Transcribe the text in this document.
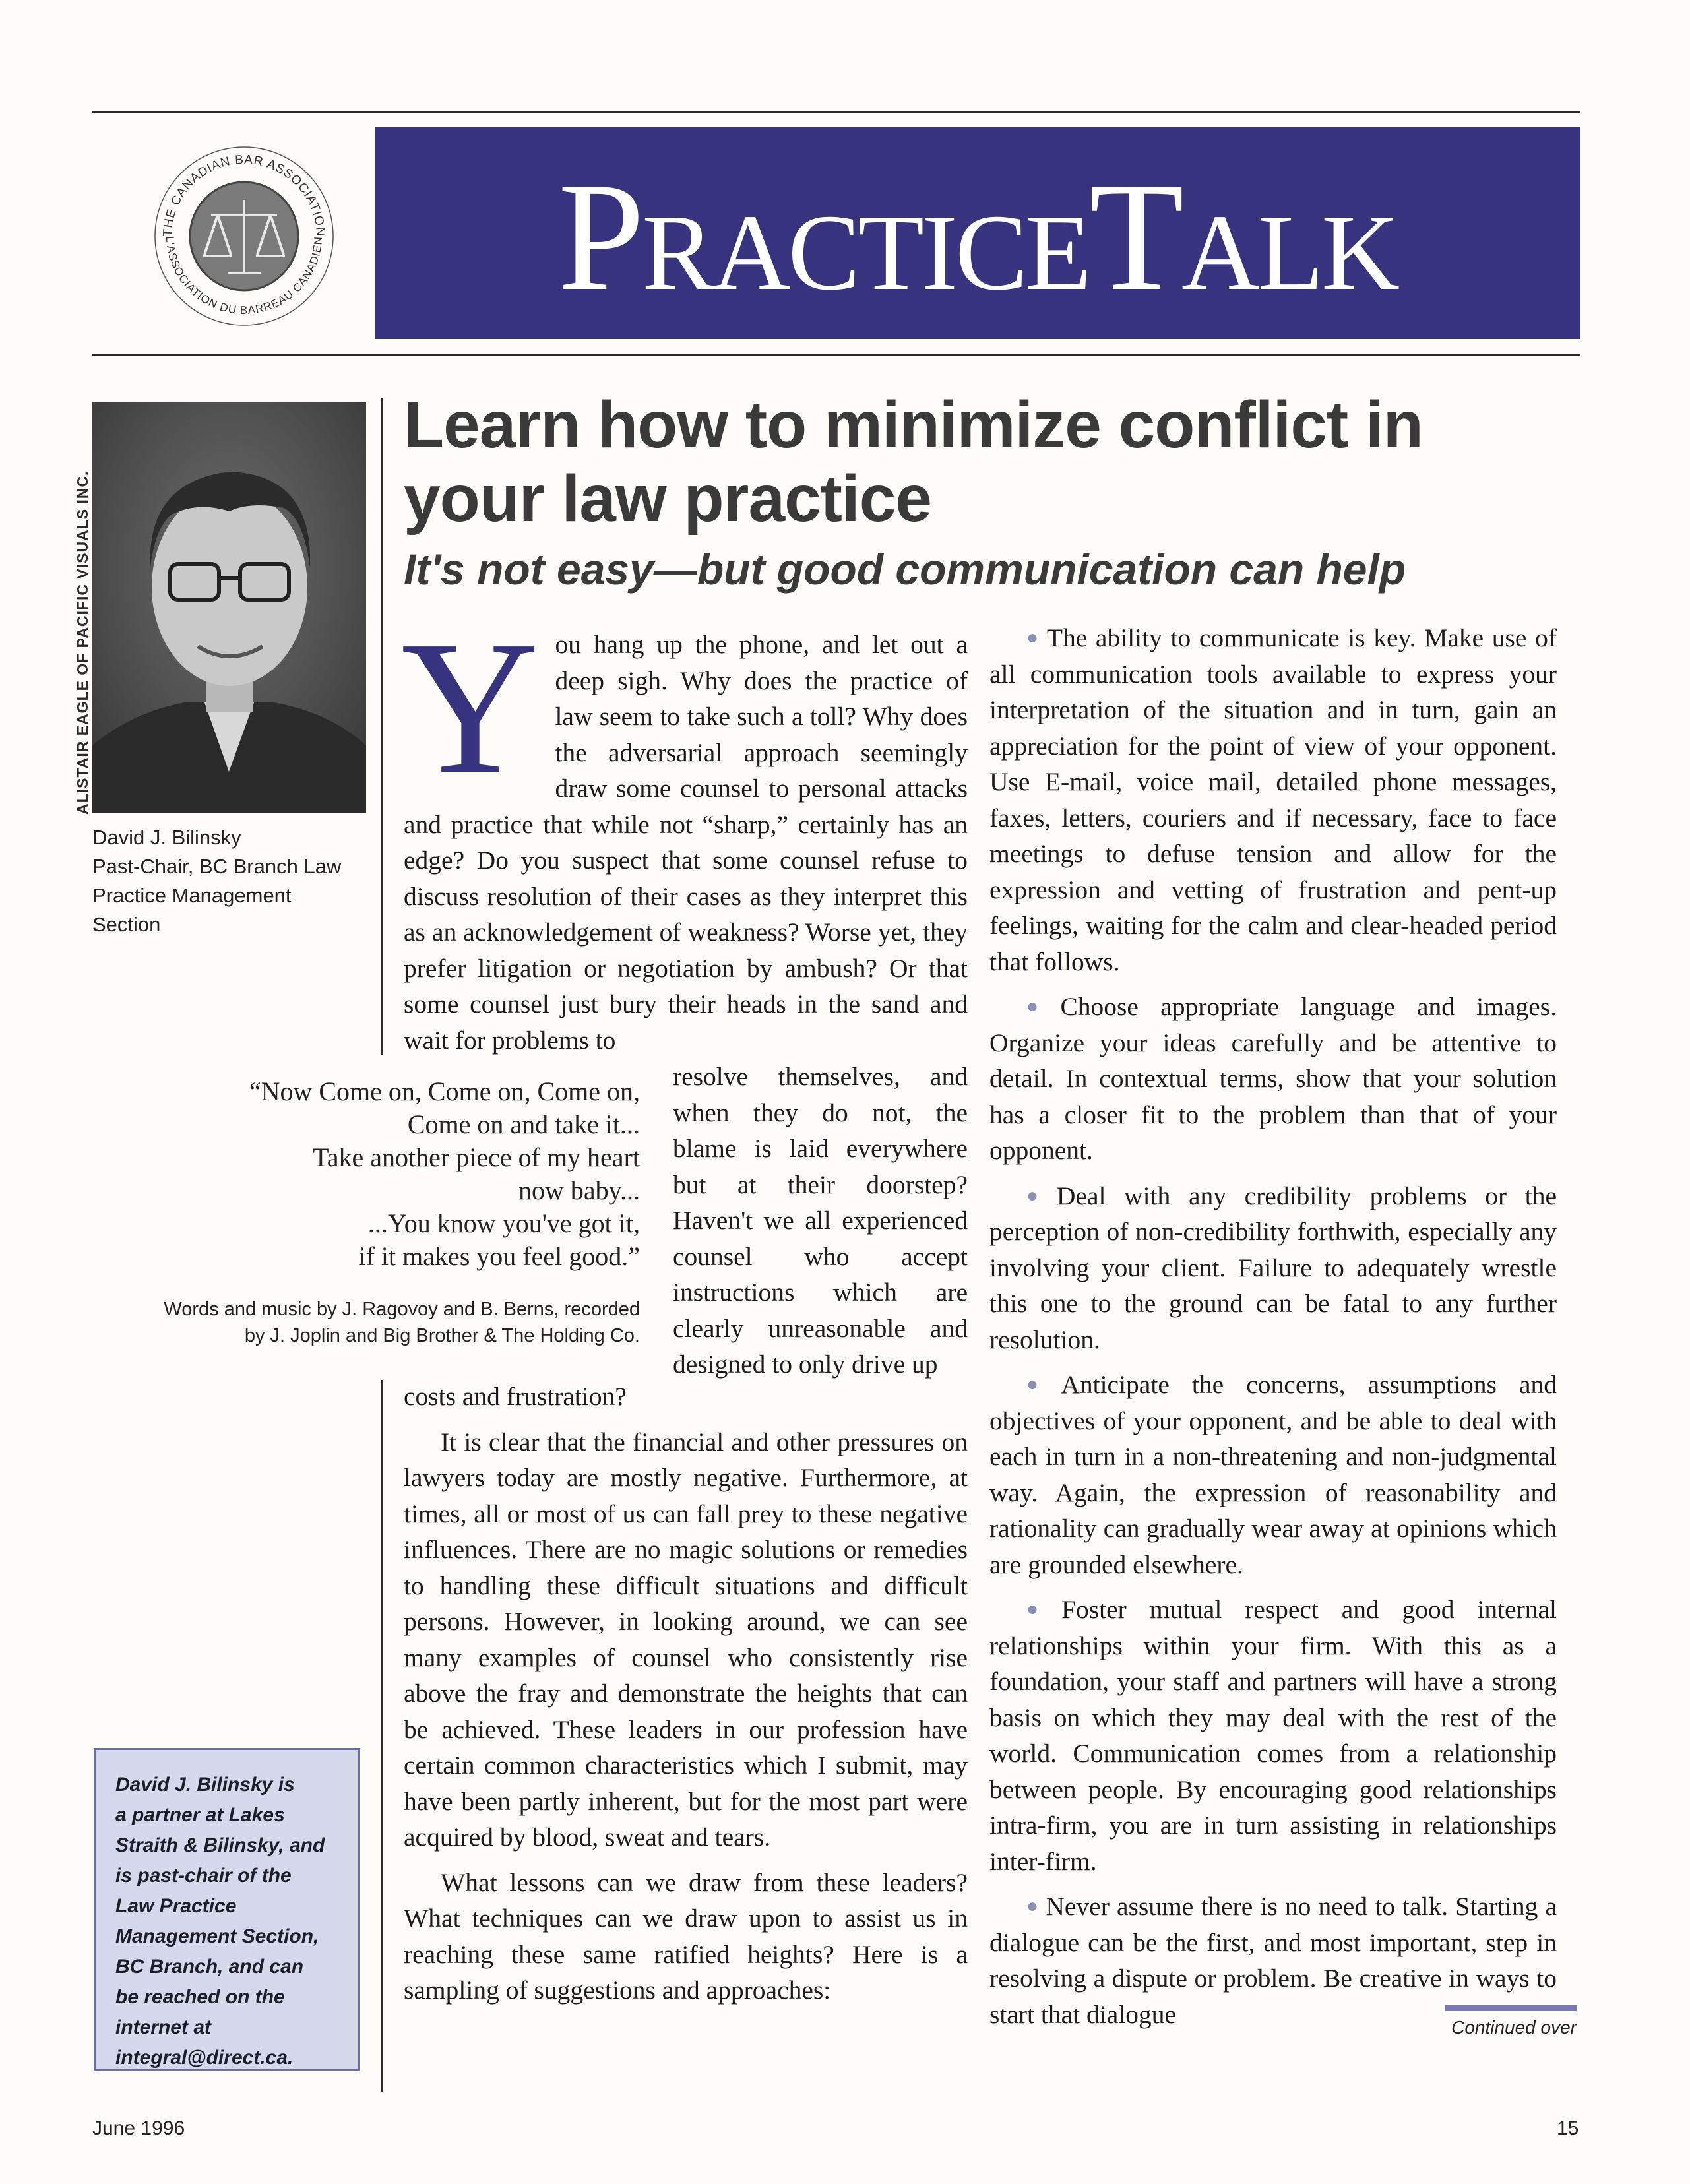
THE CANADIAN BAR ASSOCIATION
L'ASSOCIATION DU BARREAU CANADIEN PracticeTalk
Learn how to minimize conflict in your law practice
It's not easy—but good communication can help
ALISTAIR EAGLE OF PACIFIC VISUALS INC.
David J. Bilinsky
Past-Chair, BC Branch Law
Practice Management
Section
Y ou hang up the phone, and let out a deep sigh. Why does the practice of law seem to take such a toll? Why does the adversarial approach seemingly draw some counsel to personal attacks and practice that while not “sharp,” certainly has an edge? Do you suspect that some counsel refuse to discuss resolution of their cases as they interpret this as an acknowledgement of weakness? Worse yet, they prefer litigation or negotiation by ambush? Or that some counsel just bury their heads in the sand and wait for problems to
resolve themselves, and when they do not, the blame is laid everywhere but at their doorstep? Haven't we all experienced counsel who accept instructions which are clearly unreasonable and designed to only drive up
“Now Come on, Come on, Come on,
Come on and take it...
Take another piece of my heart
now baby...
...You know you've got it,
if it makes you feel good.”
Words and music by J. Ragovoy and B. Berns, recorded
by J. Joplin and Big Brother & The Holding Co.

costs and frustration?

It is clear that the financial and other pressures on lawyers today are mostly negative. Furthermore, at times, all or most of us can fall prey to these negative influences. There are no magic solutions or remedies to handling these difficult situations and difficult persons. However, in looking around, we can see many examples of counsel who consistently rise above the fray and demonstrate the heights that can be achieved. These leaders in our profession have certain common characteristics which I submit, may have been partly inherent, but for the most part were acquired by blood, sweat and tears.

What lessons can we draw from these leaders? What techniques can we draw upon to assist us in reaching these same ratified heights? Here is a sampling of suggestions and approaches:

● The ability to communicate is key. Make use of all communication tools available to express your interpretation of the situation and in turn, gain an appreciation for the point of view of your opponent. Use E-mail, voice mail, detailed phone messages, faxes, letters, couriers and if necessary, face to face meetings to defuse tension and allow for the expression and vetting of frustration and pent-up feelings, waiting for the calm and clear-headed period that follows.

● Choose appropriate language and images. Organize your ideas carefully and be attentive to detail. In contextual terms, show that your solution has a closer fit to the problem than that of your opponent.

● Deal with any credibility problems or the perception of non-credibility forthwith, especially any involving your client. Failure to adequately wrestle this one to the ground can be fatal to any further resolution.

● Anticipate the concerns, assumptions and objectives of your opponent, and be able to deal with each in turn in a non-threatening and non-judgmental way. Again, the expression of reasonability and rationality can gradually wear away at opinions which are grounded elsewhere.

● Foster mutual respect and good internal relationships within your firm. With this as a foundation, your staff and partners will have a strong basis on which they may deal with the rest of the world. Communication comes from a relationship between people. By encouraging good relationships intra-firm, you are in turn assisting in relationships inter-firm.

● Never assume there is no need to talk. Starting a dialogue can be the first, and most important, step in resolving a dispute or problem. Be creative in ways to start that dialogue

David J. Bilinsky is
a partner at Lakes
Straith & Bilinsky, and
is past-chair of the
Law Practice
Management Section,
BC Branch, and can
be reached on the
internet at
integral@direct.ca.
Continued over
June 1996	15
